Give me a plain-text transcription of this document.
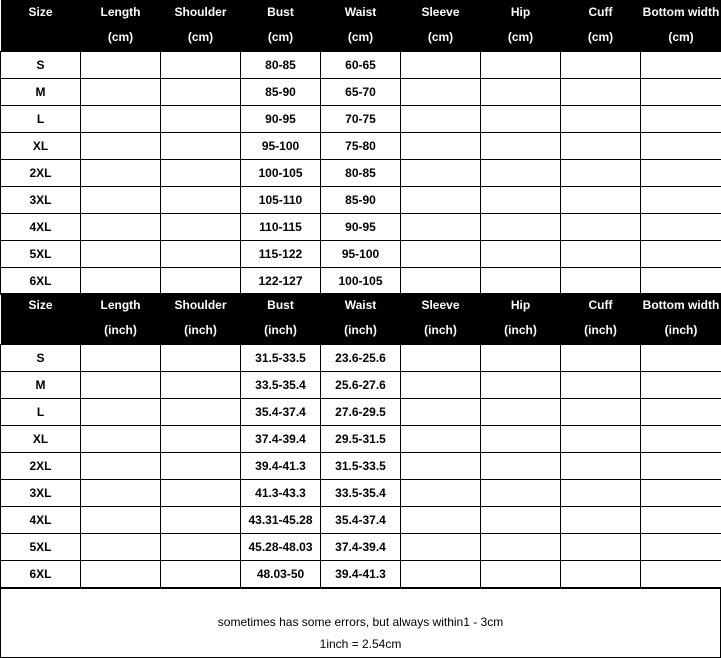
Size	Length	Shoulder	Bust	Waist	Sleeve	Hip	Cuff	Bottom width
	(cm)	(cm)	(cm)	(cm)	(cm)	(cm)	(cm)	(cm)
S			80-85	60-65				
M			85-90	65-70				
L			90-95	70-75				
XL			95-100	75-80				
2XL			100-105	80-85				
3XL			105-110	85-90				
4XL			110-115	90-95				
5XL			115-122	95-100				
6XL			122-127	100-105				
Size	Length	Shoulder	Bust	Waist	Sleeve	Hip	Cuff	Bottom width
	(inch)	(inch)	(inch)	(inch)	(inch)	(inch)	(inch)	(inch)
S			31.5-33.5	23.6-25.6				
M			33.5-35.4	25.6-27.6				
L			35.4-37.4	27.6-29.5				
XL			37.4-39.4	29.5-31.5				
2XL			39.4-41.3	31.5-33.5				
3XL			41.3-43.3	33.5-35.4				
4XL			43.31-45.28	35.4-37.4				
5XL			45.28-48.03	37.4-39.4				
6XL			48.03-50	39.4-41.3				
sometimes has some errors, but always within1 - 3cm
1inch = 2.54cm
